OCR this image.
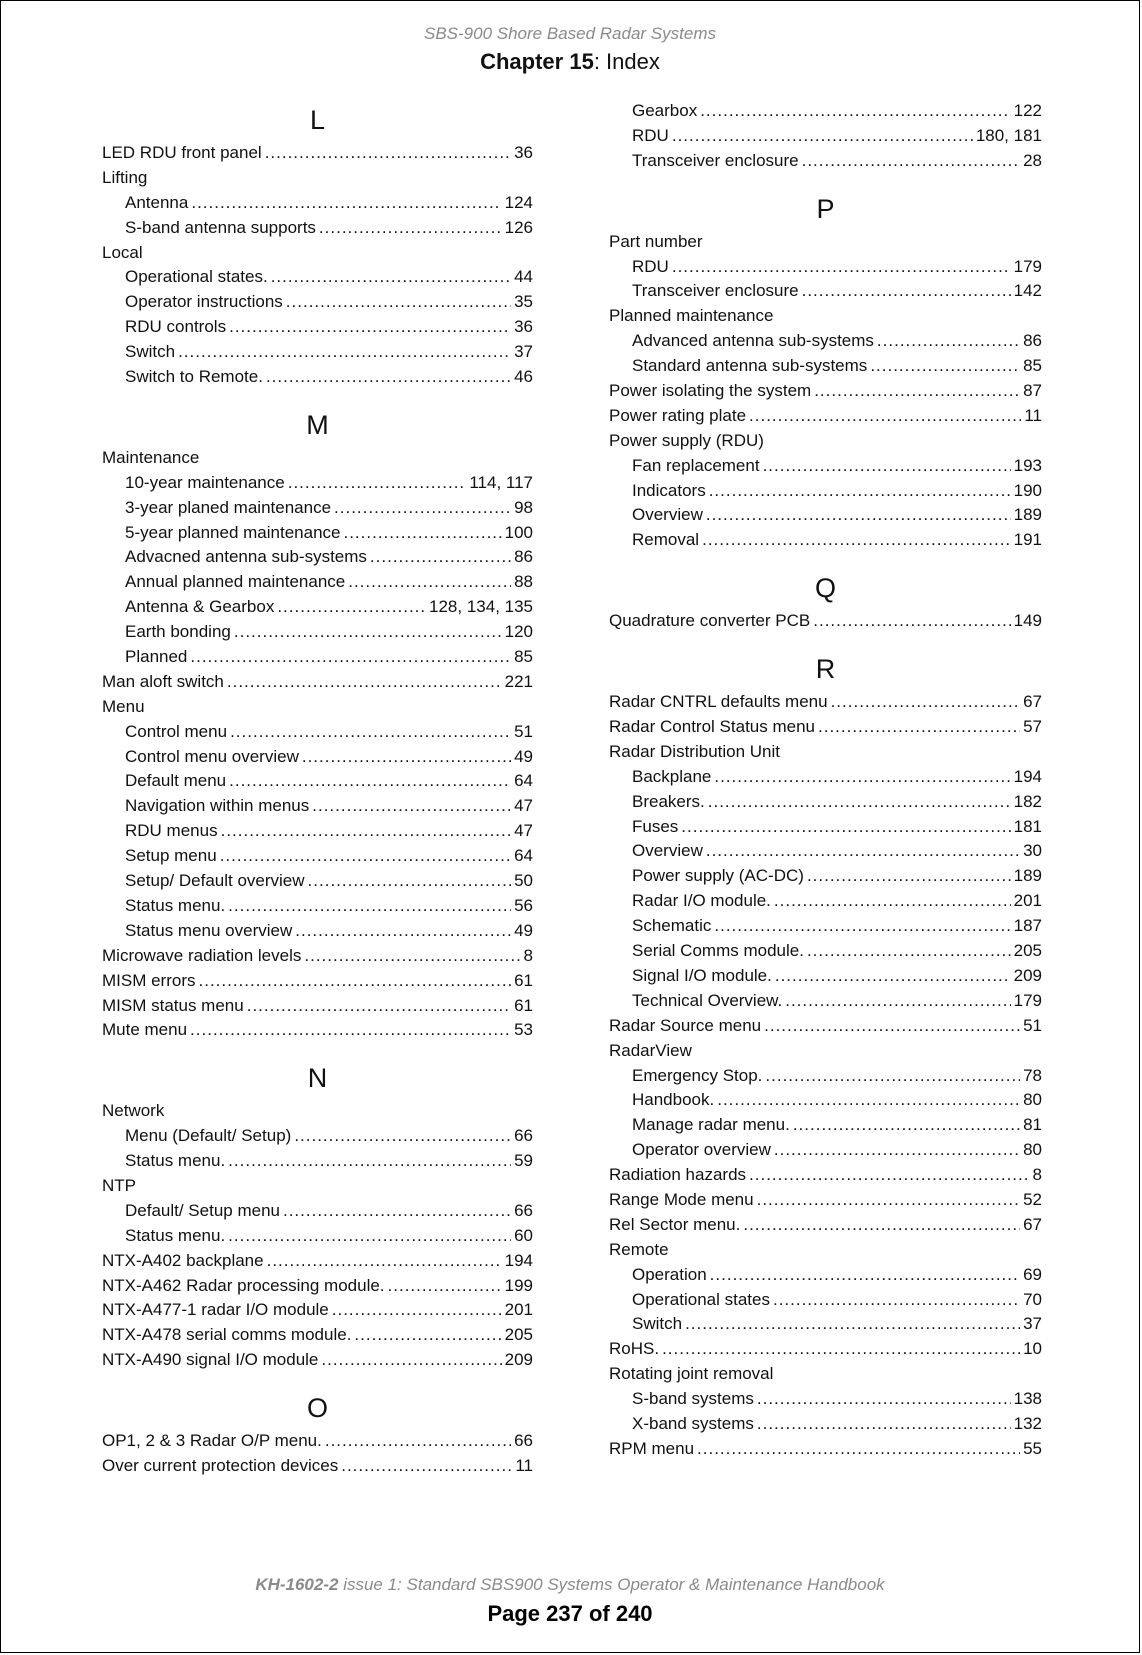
SBS-900 Shore Based Radar Systems
Chapter 15: Index
L
LED RDU front panel .....	36
Lifting
Antenna .....	124
S-band antenna supports .....	126
Local
Operational states. .....	44
Operator instructions .....	35
RDU controls .....	36
Switch .....	37
Switch to Remote. .....	46
M
Maintenance
10-year maintenance .....	114, 117
3-year planed maintenance .....	98
5-year planned maintenance .....	100
Advacned antenna sub-systems .....	86
Annual planned maintenance .....	88
Antenna & Gearbox .....	128, 134, 135
Earth bonding .....	120
Planned .....	85
Man aloft switch .....	221
Menu
Control menu .....	51
Control menu overview .....	49
Default menu .....	64
Navigation within menus .....	47
RDU menus .....	47
Setup menu .....	64
Setup/ Default overview .....	50
Status menu. .....	56
Status menu overview .....	49
Microwave radiation levels .....	8
MISM errors .....	61
MISM status menu .....	61
Mute menu .....	53
N
Network
Menu (Default/ Setup) .....	66
Status menu. .....	59
NTP
Default/ Setup menu .....	66
Status menu. .....	60
NTX-A402 backplane .....	194
NTX-A462 Radar processing module. .....	199
NTX-A477-1 radar I/O module .....	201
NTX-A478 serial comms module. .....	205
NTX-A490 signal I/O module .....	209
O
OP1, 2 & 3 Radar O/P menu. .....	66
Over current protection devices .....	11
Gearbox .....	122
RDU .....	180, 181
Transceiver enclosure .....	28
P
Part number
RDU .....	179
Transceiver enclosure .....	142
Planned maintenance
Advanced antenna sub-systems .....	86
Standard antenna sub-systems .....	85
Power isolating the system .....	87
Power rating plate .....	11
Power supply (RDU)
Fan replacement .....	193
Indicators .....	190
Overview .....	189
Removal .....	191
Q
Quadrature converter PCB .....	149
R
Radar CNTRL defaults menu .....	67
Radar Control Status menu .....	57
Radar Distribution Unit
Backplane .....	194
Breakers. .....	182
Fuses .....	181
Overview .....	30
Power supply (AC-DC) .....	189
Radar I/O module. .....	201
Schematic .....	187
Serial Comms module. .....	205
Signal I/O module. .....	209
Technical Overview. .....	179
Radar Source menu .....	51
RadarView
Emergency Stop. .....	78
Handbook. .....	80
Manage radar menu. .....	81
Operator overview .....	80
Radiation hazards .....	8
Range Mode menu .....	52
Rel Sector menu. .....	67
Remote
Operation .....	69
Operational states .....	70
Switch .....	37
RoHS. .....	10
Rotating joint removal
S-band systems .....	138
X-band systems .....	132
RPM menu .....	55
KH-1602-2 issue 1: Standard SBS900 Systems Operator & Maintenance Handbook
Page 237 of 240
